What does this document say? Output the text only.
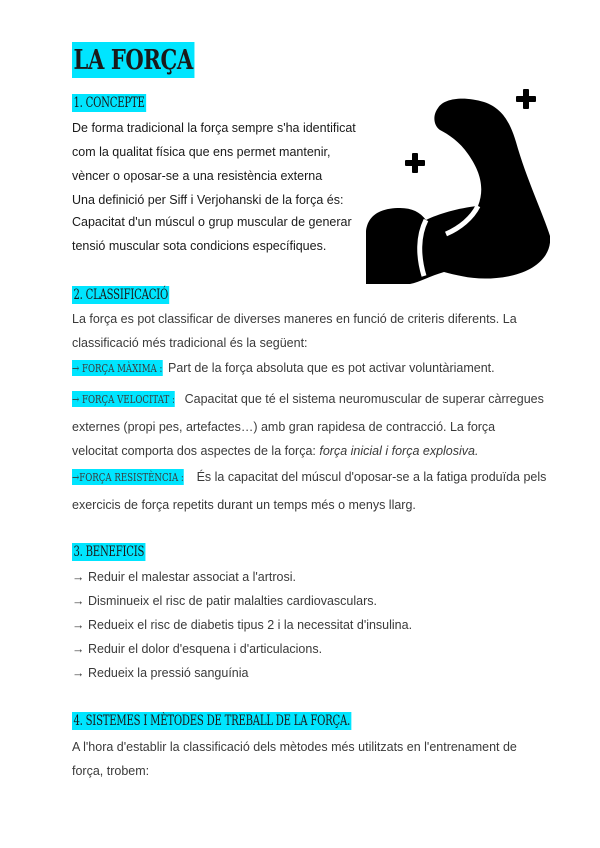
LA FORÇA
1. CONCEPTE
De forma tradicional la força sempre s'ha identificat
com la qualitat física que ens permet mantenir,
vèncer o oposar-se a una resistència externa
Una definició per Siff i Verjohanski de la força és:
Capacitat d'un múscul o grup muscular de generar
tensió muscular sota condicions específiques.
2. CLASSIFICACIÓ
La força es pot classificar de diverses maneres en funció de criteris diferents. La
classificació més tradicional és la següent:
→ FORÇA MÀXIMA : Part de la força absoluta que es pot activar voluntàriament.
→ FORÇA VELOCITAT : Capacitat que té el sistema neuromuscular de superar càrregues
externes (propi pes, artefactes…) amb gran rapidesa de contracció. La força
velocitat comporta dos aspectes de la força: força inicial i força explosiva.
→FORÇA RESISTÈNCIA : És la capacitat del múscul d'oposar-se a la fatiga produïda pels
exercicis de força repetits durant un temps més o menys llarg.
3. BENEFICIS
→ Reduir el malestar associat a l'artrosi.
→ Disminueix el risc de patir malalties cardiovasculars.
→ Redueix el risc de diabetis tipus 2 i la necessitat d'insulina.
→ Reduir el dolor d'esquena i d'articulacions.
→ Redueix la pressió sanguínia
4. SISTEMES I MÈTODES DE TREBALL DE LA FORÇA.
A l'hora d'establir la classificació dels mètodes més utilitzats en l'entrenament de
força, trobem:
